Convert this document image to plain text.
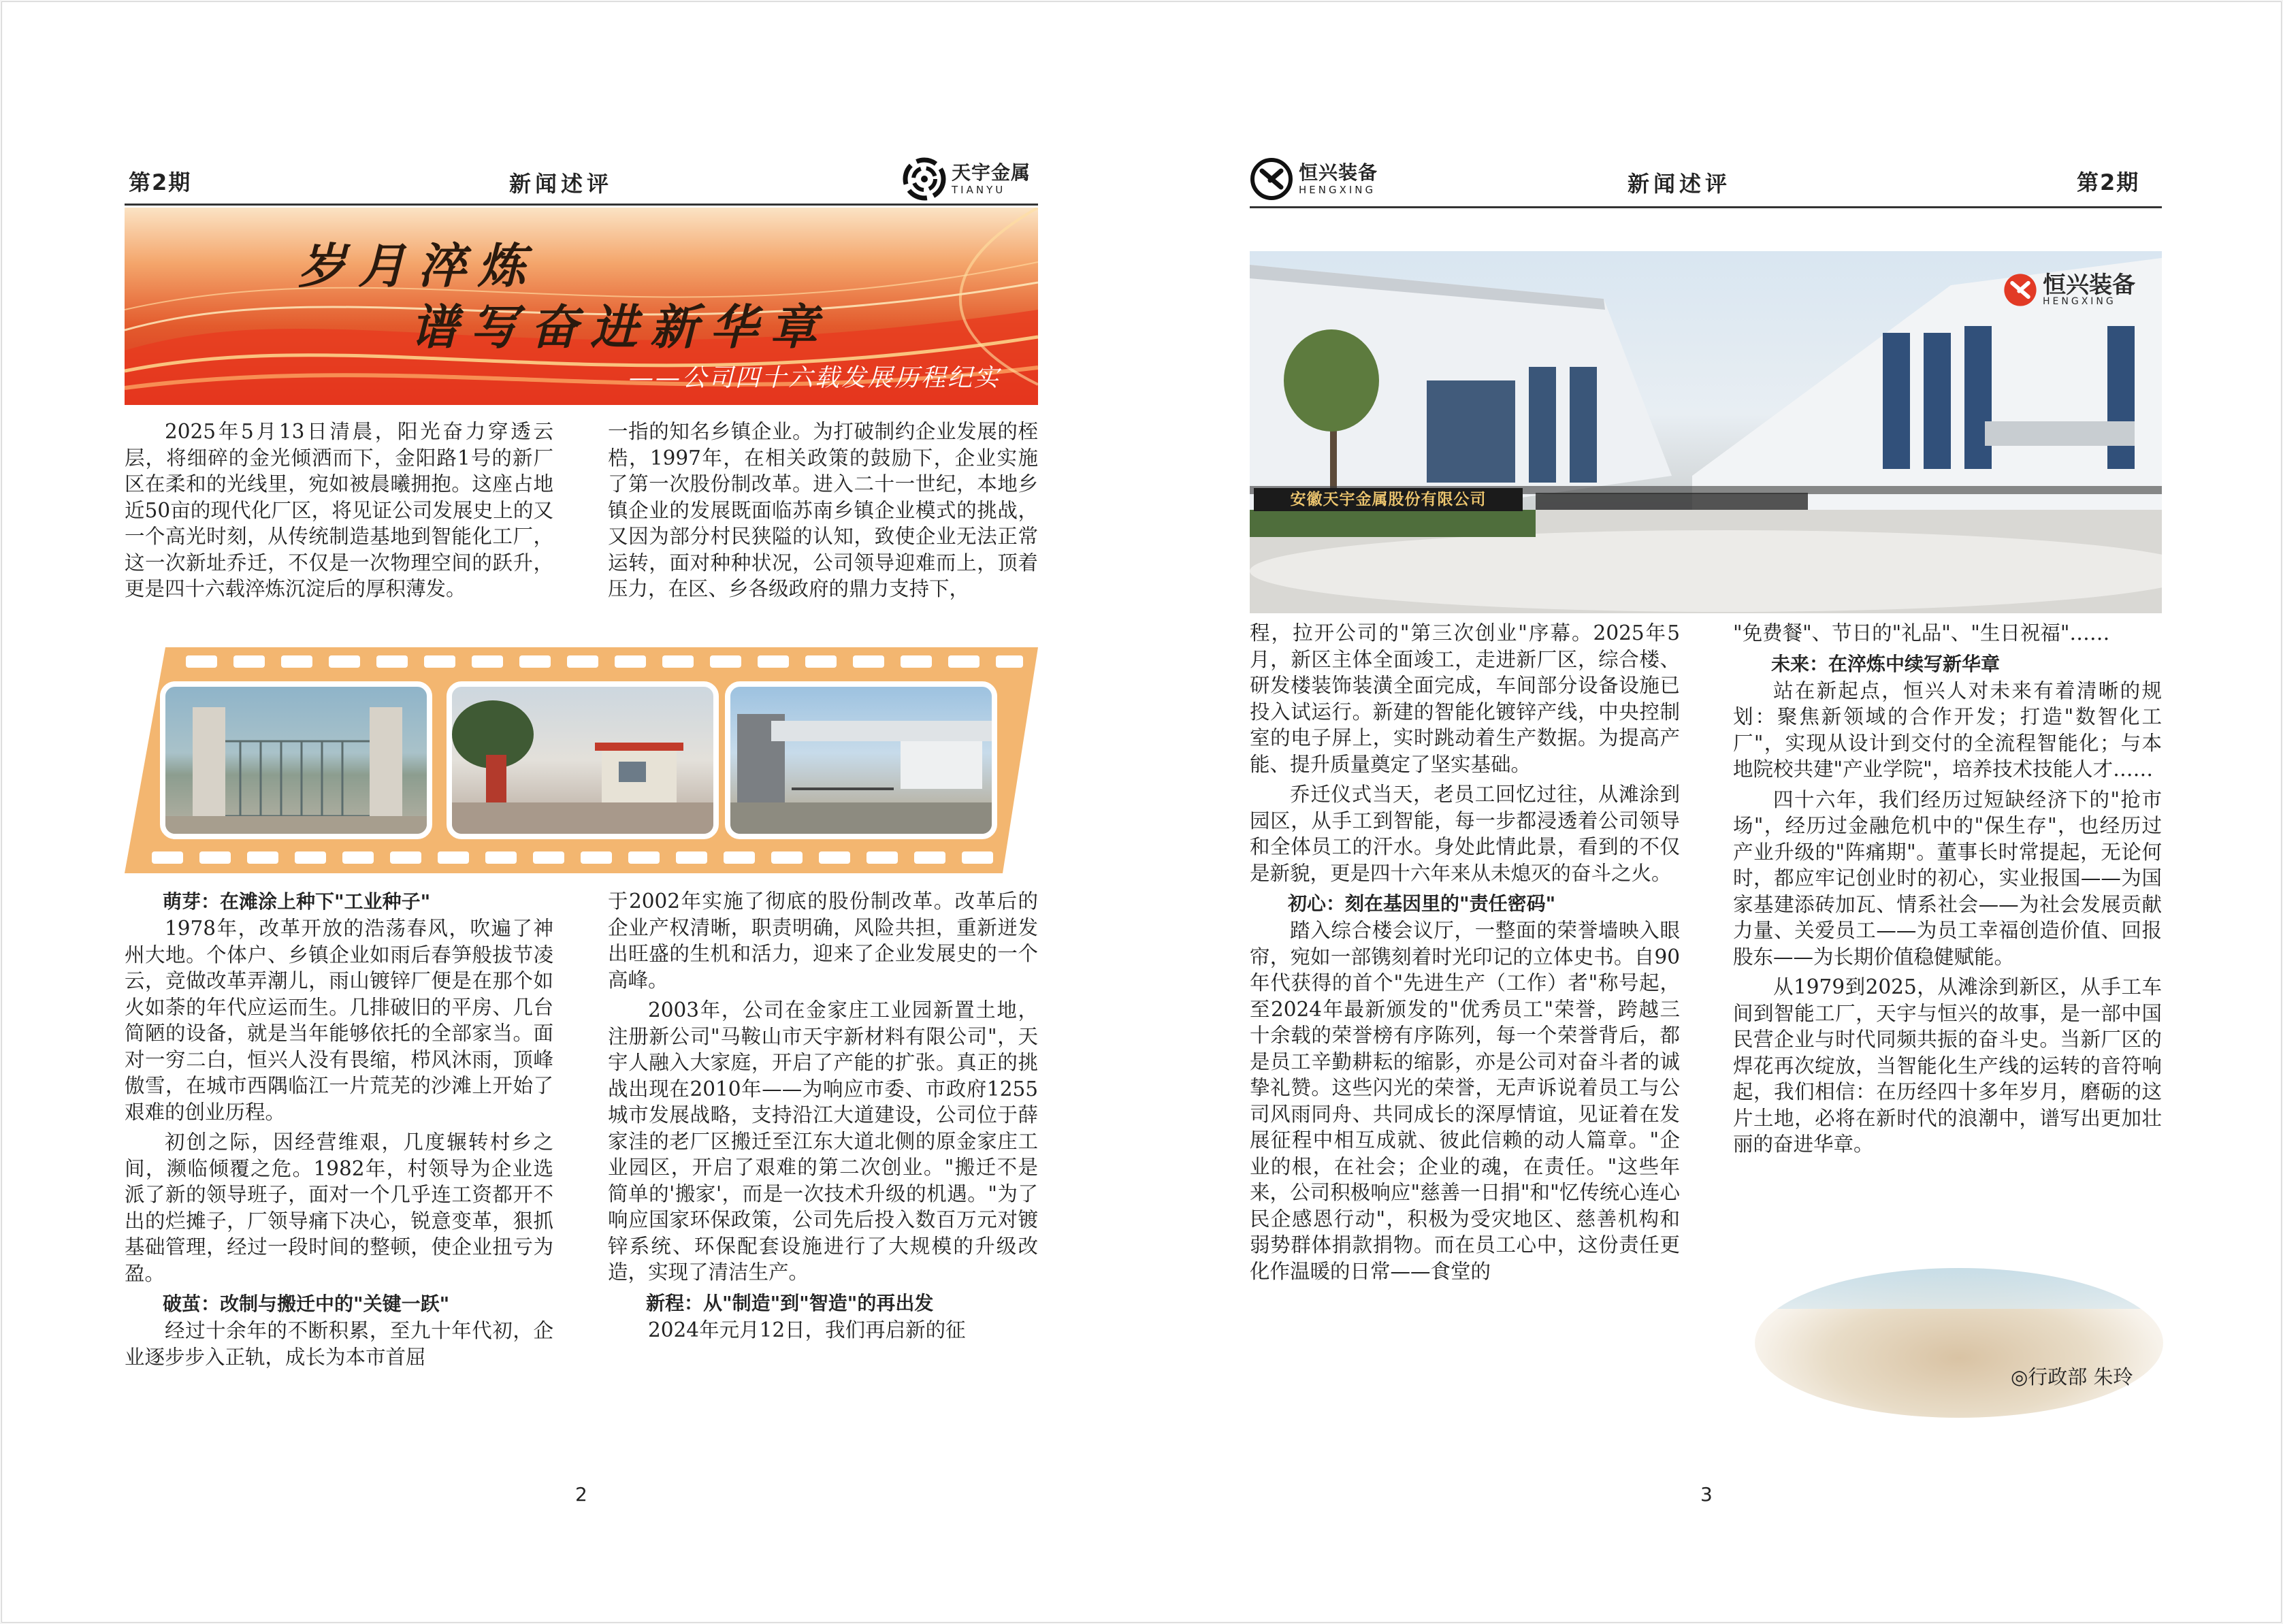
第2期	新闻述评	天宇金属
TIANYU
岁月淬炼
谱写奋进新华章
——公司四十六载发展历程纪实

2025年5月13日清晨，阳光奋力穿透云层，将细碎的金光倾洒而下，金阳路1号的新厂区在柔和的光线里，宛如被晨曦拥抱。这座占地近50亩的现代化厂区，将见证公司发展史上的又一个高光时刻，从传统制造基地到智能化工厂，这一次新址乔迁，不仅是一次物理空间的跃升，更是四十六载淬炼沉淀后的厚积薄发。

一指的知名乡镇企业。为打破制约企业发展的桎梏，1997年，在相关政策的鼓励下，企业实施了第一次股份制改革。进入二十一世纪，本地乡镇企业的发展既面临苏南乡镇企业模式的挑战，又因为部分村民狭隘的认知，致使企业无法正常运转，面对种种状况，公司领导迎难而上，顶着压力，在区、乡各级政府的鼎力支持下，

萌芽：在滩涂上种下"工业种子"

1978年，改革开放的浩荡春风，吹遍了神州大地。个体户、乡镇企业如雨后春笋般拔节凌云，竞做改革弄潮儿，雨山镀锌厂便是在那个如火如荼的年代应运而生。几排破旧的平房、几台简陋的设备，就是当年能够依托的全部家当。面对一穷二白，恒兴人没有畏缩，栉风沐雨，顶峰傲雪，在城市西隅临江一片荒芜的沙滩上开始了艰难的创业历程。

初创之际，因经营维艰，几度辗转村乡之间，濒临倾覆之危。1982年，村领导为企业选派了新的领导班子，面对一个几乎连工资都开不出的烂摊子，厂领导痛下决心，锐意变革，狠抓基础管理，经过一段时间的整顿，使企业扭亏为盈。

破茧：改制与搬迁中的"关键一跃"

经过十余年的不断积累，至九十年代初，企业逐步步入正轨，成长为本市首屈

于2002年实施了彻底的股份制改革。改革后的企业产权清晰，职责明确，风险共担，重新迸发出旺盛的生机和活力，迎来了企业发展史的一个高峰。

2003年，公司在金家庄工业园新置土地，注册新公司"马鞍山市天宇新材料有限公司"，天宇人融入大家庭，开启了产能的扩张。真正的挑战出现在2010年——为响应市委、市政府1255城市发展战略，支持沿江大道建设，公司位于薛家洼的老厂区搬迁至江东大道北侧的原金家庄工业园区，开启了艰难的第二次创业。"搬迁不是简单的'搬家'，而是一次技术升级的机遇。"为了响应国家环保政策，公司先后投入数百万元对镀锌系统、环保配套设施进行了大规模的升级改造，实现了清洁生产。

新程：从"制造"到"智造"的再出发

2024年元月12日，我们再启新的征

2
恒兴装备
HENGXING	新闻述评	第2期
安徽天宇金属股份有限公司
恒兴装备
HENGXING

程，拉开公司的"第三次创业"序幕。2025年5月，新区主体全面竣工，走进新厂区，综合楼、研发楼装饰装潢全面完成，车间部分设备设施已投入试运行。新建的智能化镀锌产线，中央控制室的电子屏上，实时跳动着生产数据。为提高产能、提升质量奠定了坚实基础。

乔迁仪式当天，老员工回忆过往，从滩涂到园区，从手工到智能，每一步都浸透着公司领导和全体员工的汗水。身处此情此景，看到的不仅是新貌，更是四十六年来从未熄灭的奋斗之火。

初心：刻在基因里的"责任密码"

踏入综合楼会议厅，一整面的荣誉墙映入眼帘，宛如一部镌刻着时光印记的立体史书。自90年代获得的首个"先进生产（工作）者"称号起，至2024年最新颁发的"优秀员工"荣誉，跨越三十余载的荣誉榜有序陈列，每一个荣誉背后，都是员工辛勤耕耘的缩影，亦是公司对奋斗者的诚挚礼赞。这些闪光的荣誉，无声诉说着员工与公司风雨同舟、共同成长的深厚情谊，见证着在发展征程中相互成就、彼此信赖的动人篇章。"企业的根，在社会；企业的魂，在责任。"这些年来，公司积极响应"慈善一日捐"和"忆传统心连心民企感恩行动"，积极为受灾地区、慈善机构和弱势群体捐款捐物。而在员工心中，这份责任更化作温暖的日常——食堂的

"免费餐"、节日的"礼品"、"生日祝福"……

未来：在淬炼中续写新华章

站在新起点，恒兴人对未来有着清晰的规划：聚焦新领域的合作开发；打造"数智化工厂"，实现从设计到交付的全流程智能化；与本地院校共建"产业学院"，培养技术技能人才……

四十六年，我们经历过短缺经济下的"抢市场"，经历过金融危机中的"保生存"，也经历过产业升级的"阵痛期"。董事长时常提起，无论何时，都应牢记创业时的初心，实业报国——为国家基建添砖加瓦、情系社会——为社会发展贡献力量、关爱员工——为员工幸福创造价值、回报股东——为长期价值稳健赋能。

从1979到2025，从滩涂到新区，从手工车间到智能工厂，天宇与恒兴的故事，是一部中国民营企业与时代同频共振的奋斗史。当新厂区的焊花再次绽放，当智能化生产线的运转的音符响起，我们相信：在历经四十多年岁月，磨砺的这片土地，必将在新时代的浪潮中，谱写出更加壮丽的奋进华章。

◎行政部 朱玲
3
